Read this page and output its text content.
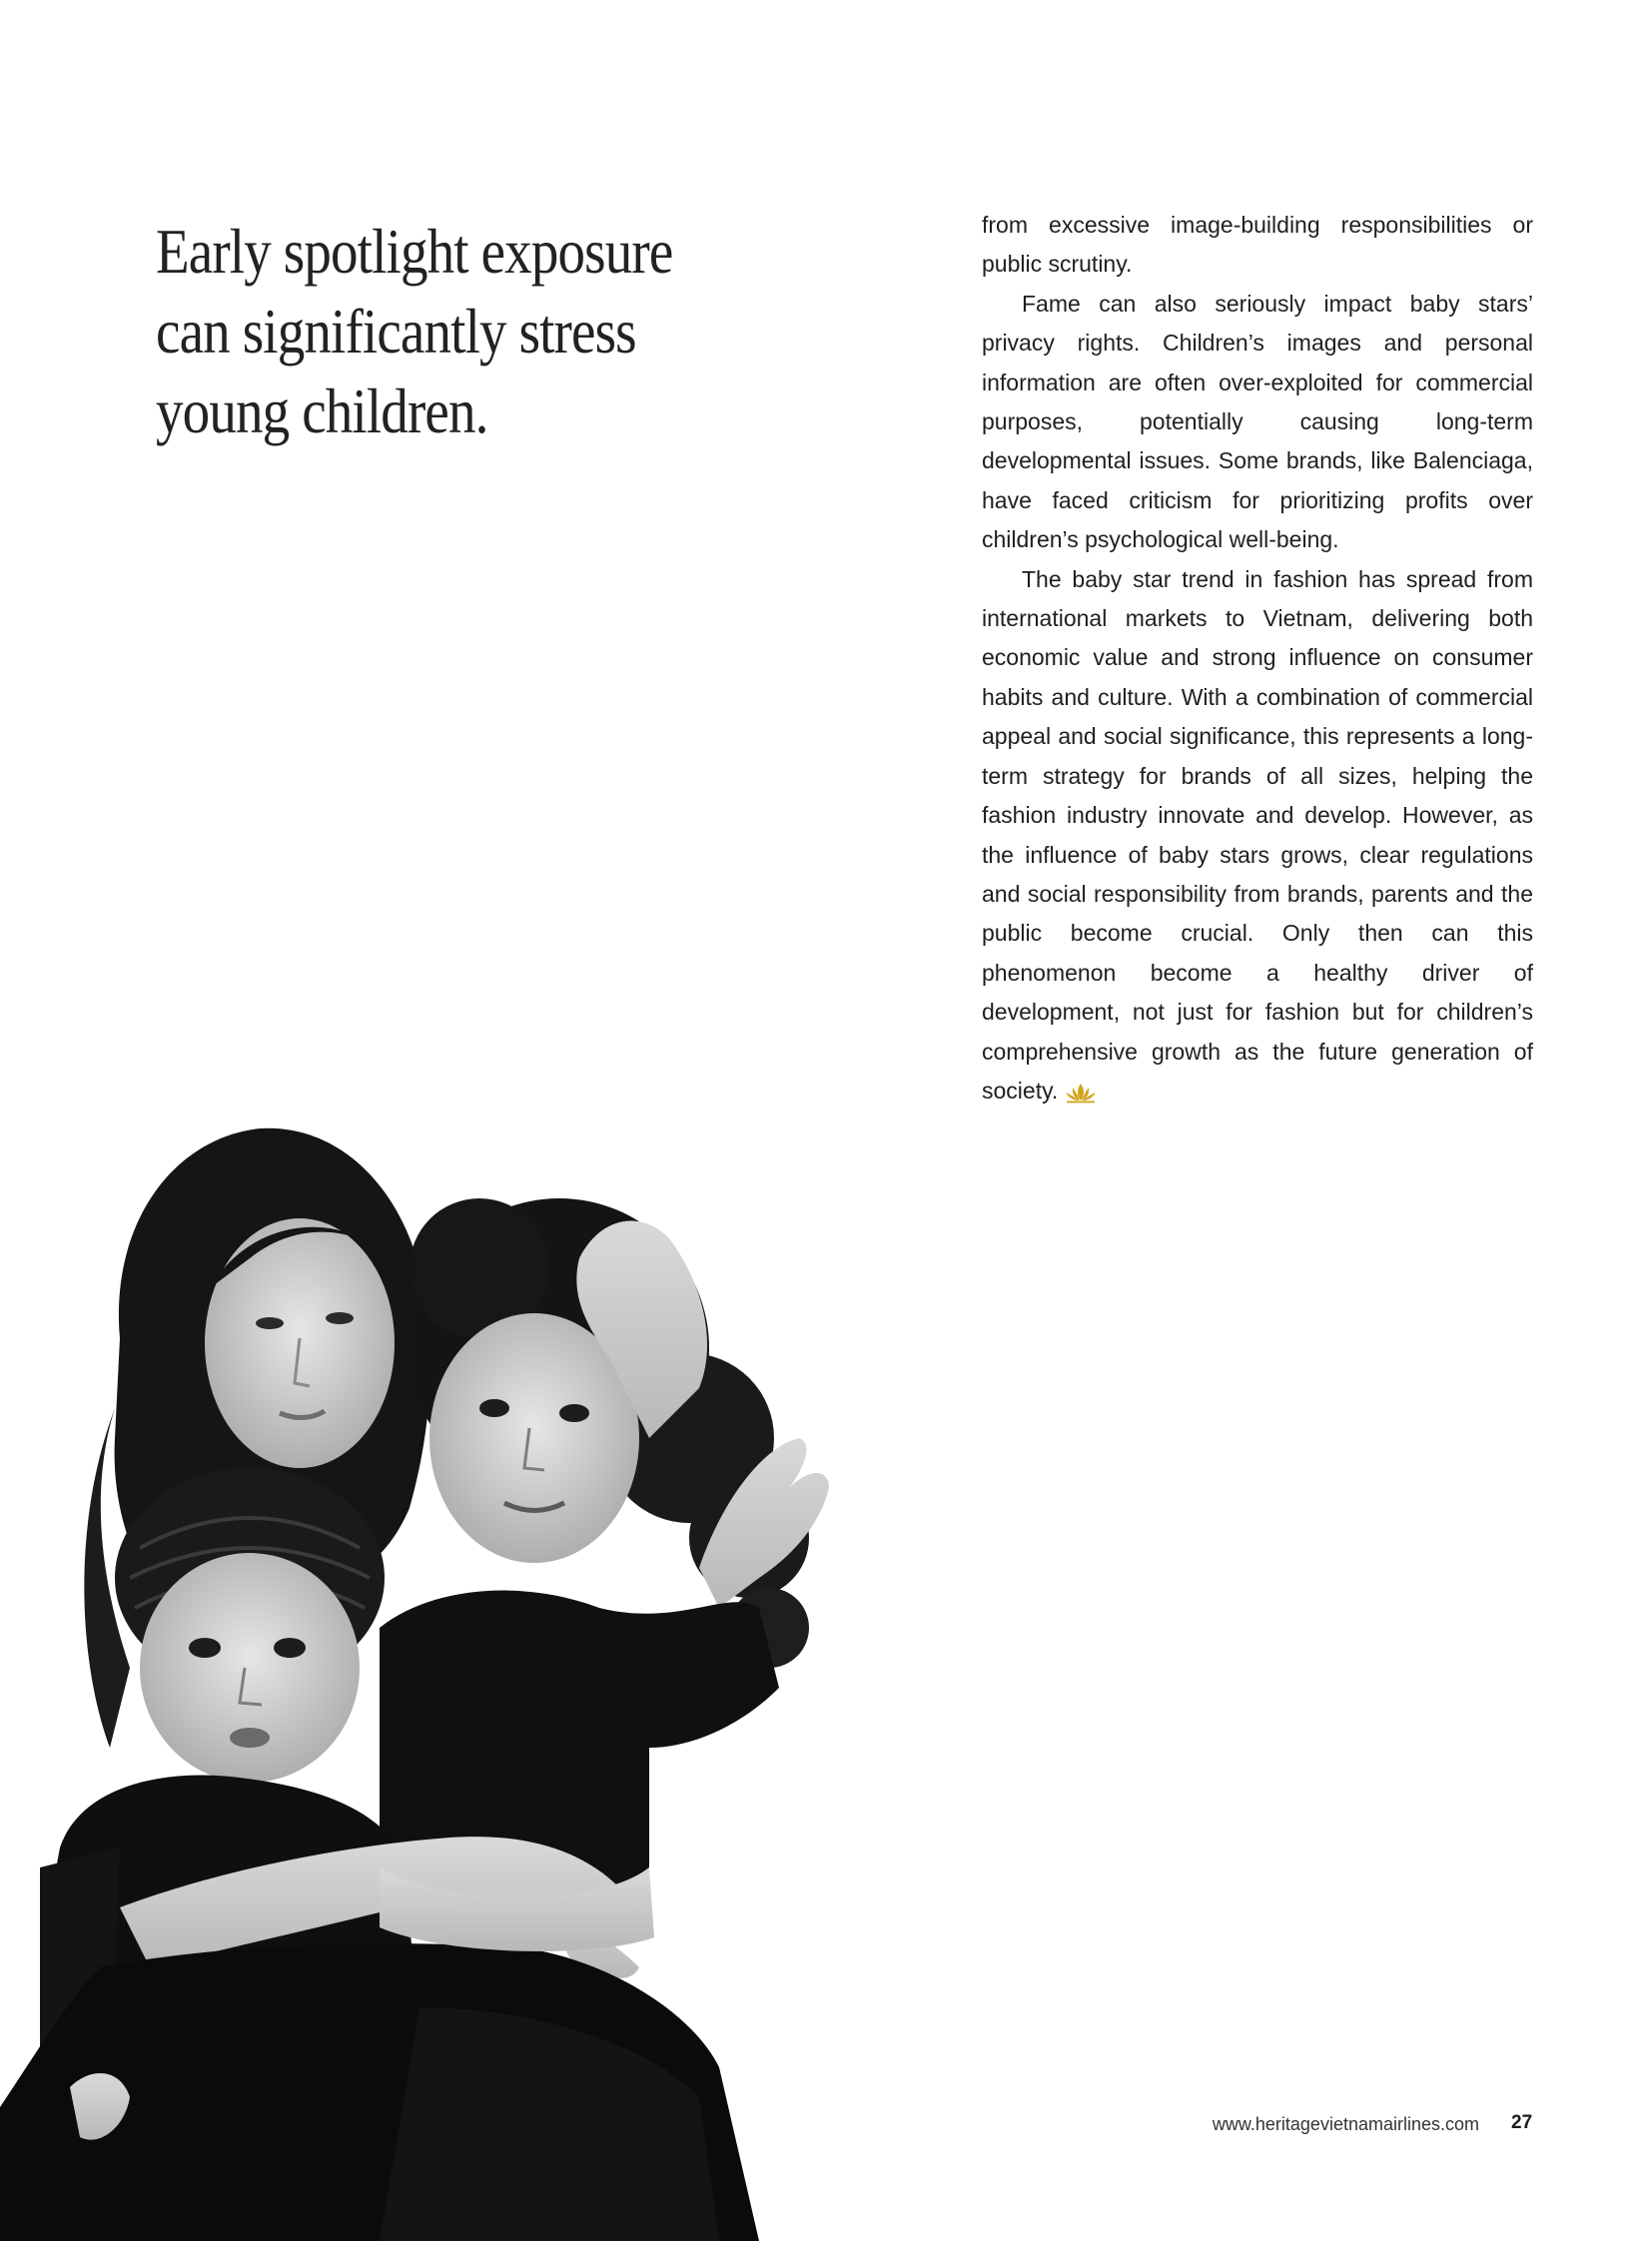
Early spotlight exposure
can significantly stress
young children.

from excessive image-building responsibilities or public scrutiny.

Fame can also seriously impact baby stars’ privacy rights. Children’s images and personal information are often over-exploited for commercial purposes, potentially causing long-term developmental issues. Some brands, like Balenciaga, have faced criticism for prioritizing profits over children’s psychological well-being.

The baby star trend in fashion has spread from international markets to Vietnam, delivering both economic value and strong influence on consumer habits and culture. With a combination of commercial appeal and social significance, this represents a long-term strategy for brands of all sizes, helping the fashion industry innovate and develop. However, as the influence of baby stars grows, clear regulations and social responsibility from brands, parents and the public become crucial. Only then can this phenomenon become a healthy driver of development, not just for fashion but for children’s comprehensive growth as the future generation of society.

www.heritagevietnamairlines.com 27
